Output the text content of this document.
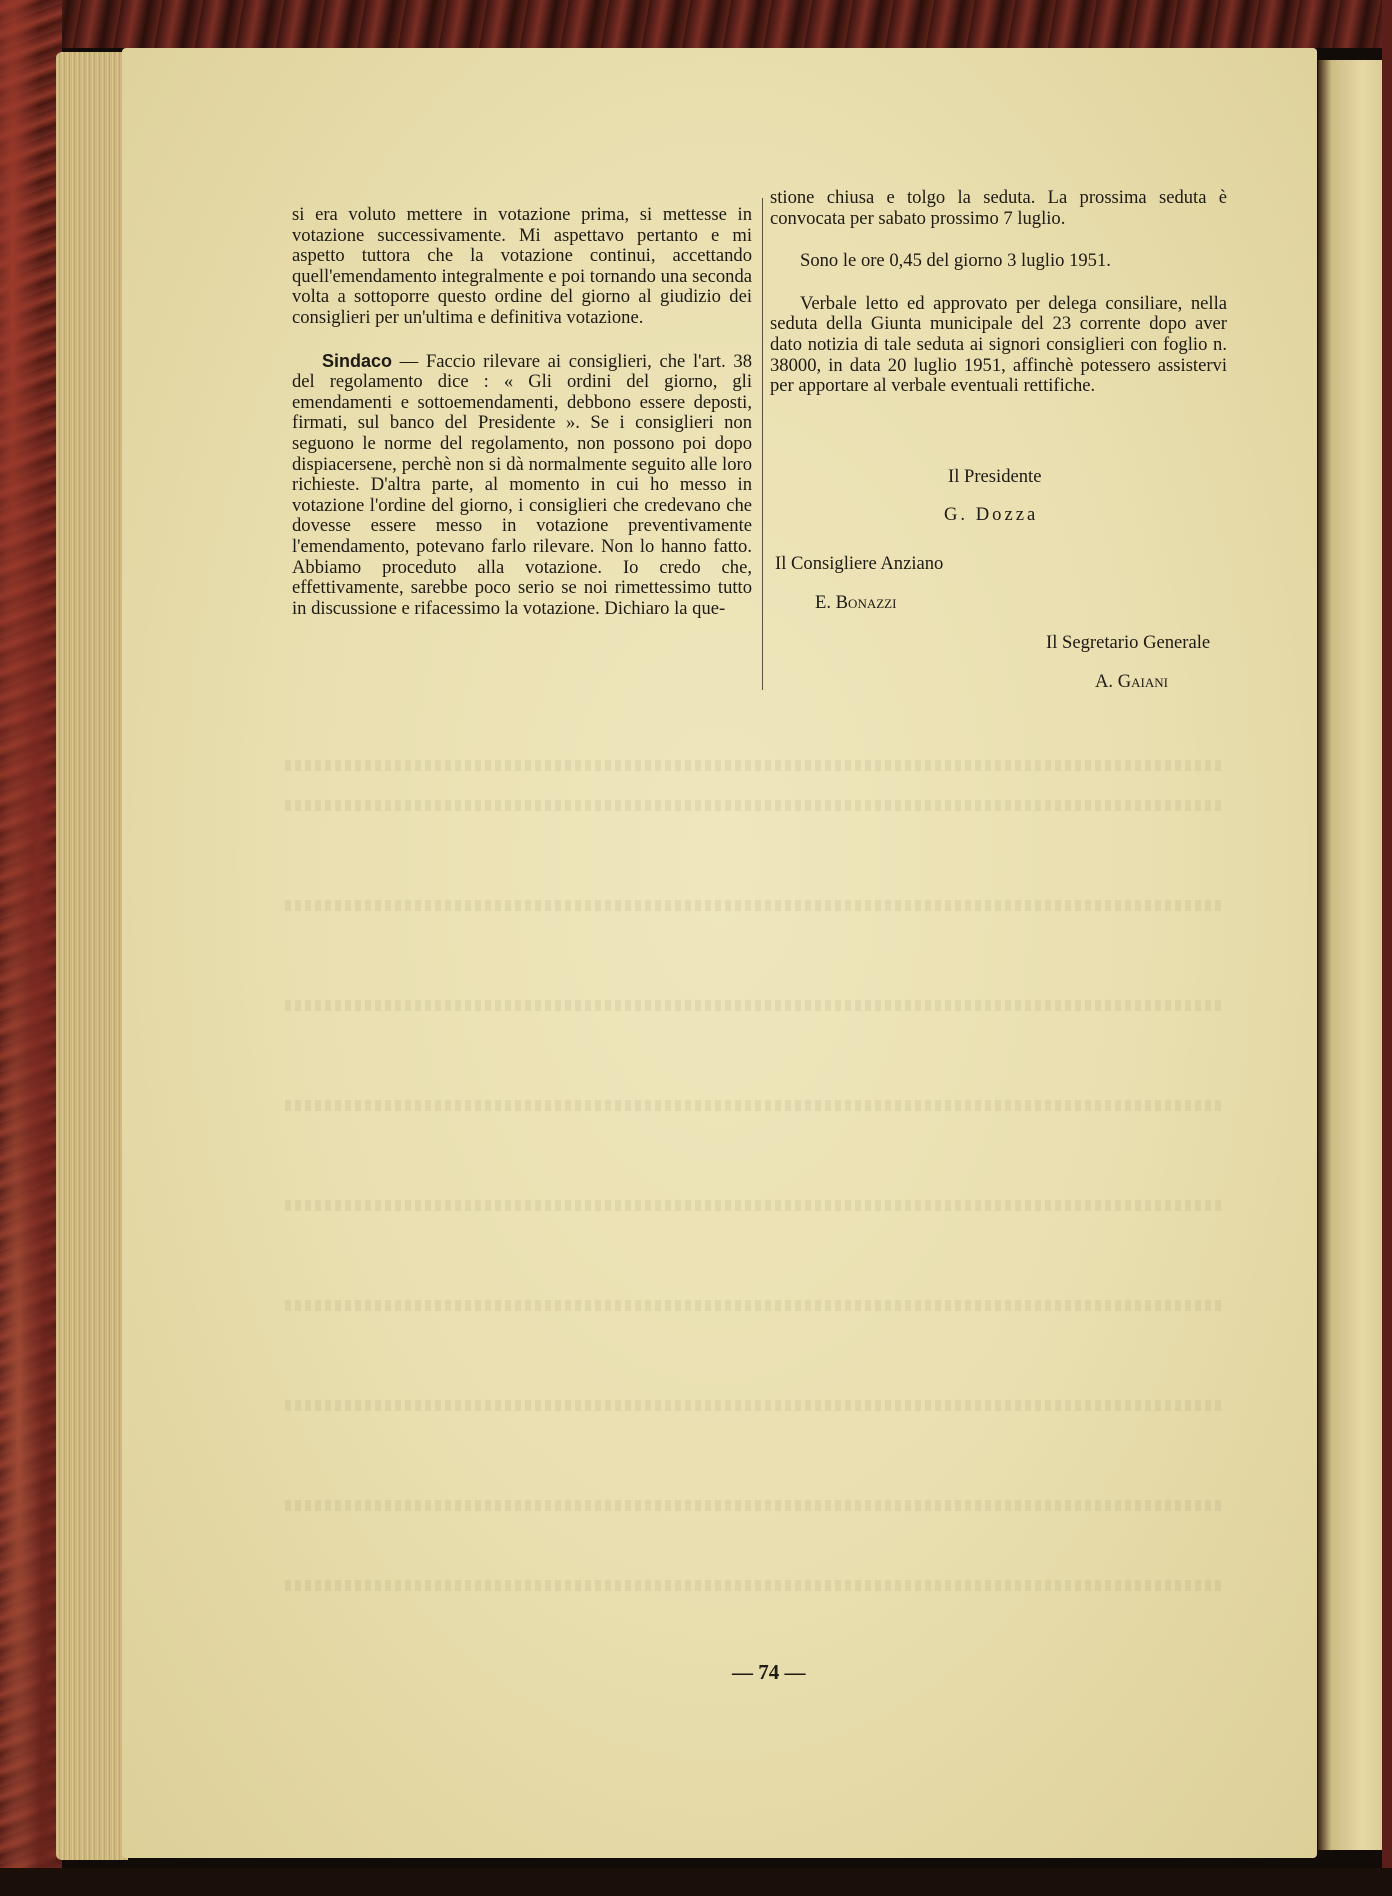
si era voluto mettere in votazione prima, si mettesse in votazione successivamente. Mi aspettavo pertanto e mi aspetto tuttora che la votazione continui, accettando quell'emendamento integralmente e poi tornando una seconda volta a sottoporre questo ordine del giorno al giudizio dei consiglieri per un'ultima e definitiva votazione.

Sindaco — Faccio rilevare ai consiglieri, che l'art. 38 del regolamento dice : « Gli ordini del giorno, gli emendamenti e sottoemendamenti, debbono essere deposti, firmati, sul banco del Presidente ». Se i consiglieri non seguono le norme del regolamento, non possono poi dopo dispiacersene, perchè non si dà normalmente seguito alle loro richieste. D'altra parte, al momento in cui ho messo in votazione l'ordine del giorno, i consiglieri che credevano che dovesse essere messo in votazione preventivamente l'emendamento, potevano farlo rilevare. Non lo hanno fatto. Abbiamo proceduto alla votazione. Io credo che, effettivamente, sarebbe poco serio se noi rimettessimo tutto in discussione e rifacessimo la votazione. Dichiaro la que-

stione chiusa e tolgo la seduta. La prossima seduta è convocata per sabato prossimo 7 luglio.

Sono le ore 0,45 del giorno 3 luglio 1951.

Verbale letto ed approvato per delega consiliare, nella seduta della Giunta municipale del 23 corrente dopo aver dato notizia di tale seduta ai signori consiglieri con foglio n. 38000, in data 20 luglio 1951, affinchè potessero assistervi per apportare al verbale eventuali rettifiche.

Il Presidente
G. Dozza
Il Consigliere Anziano
E. Bonazzi
Il Segretario Generale
A. Gaiani
— 74 —
